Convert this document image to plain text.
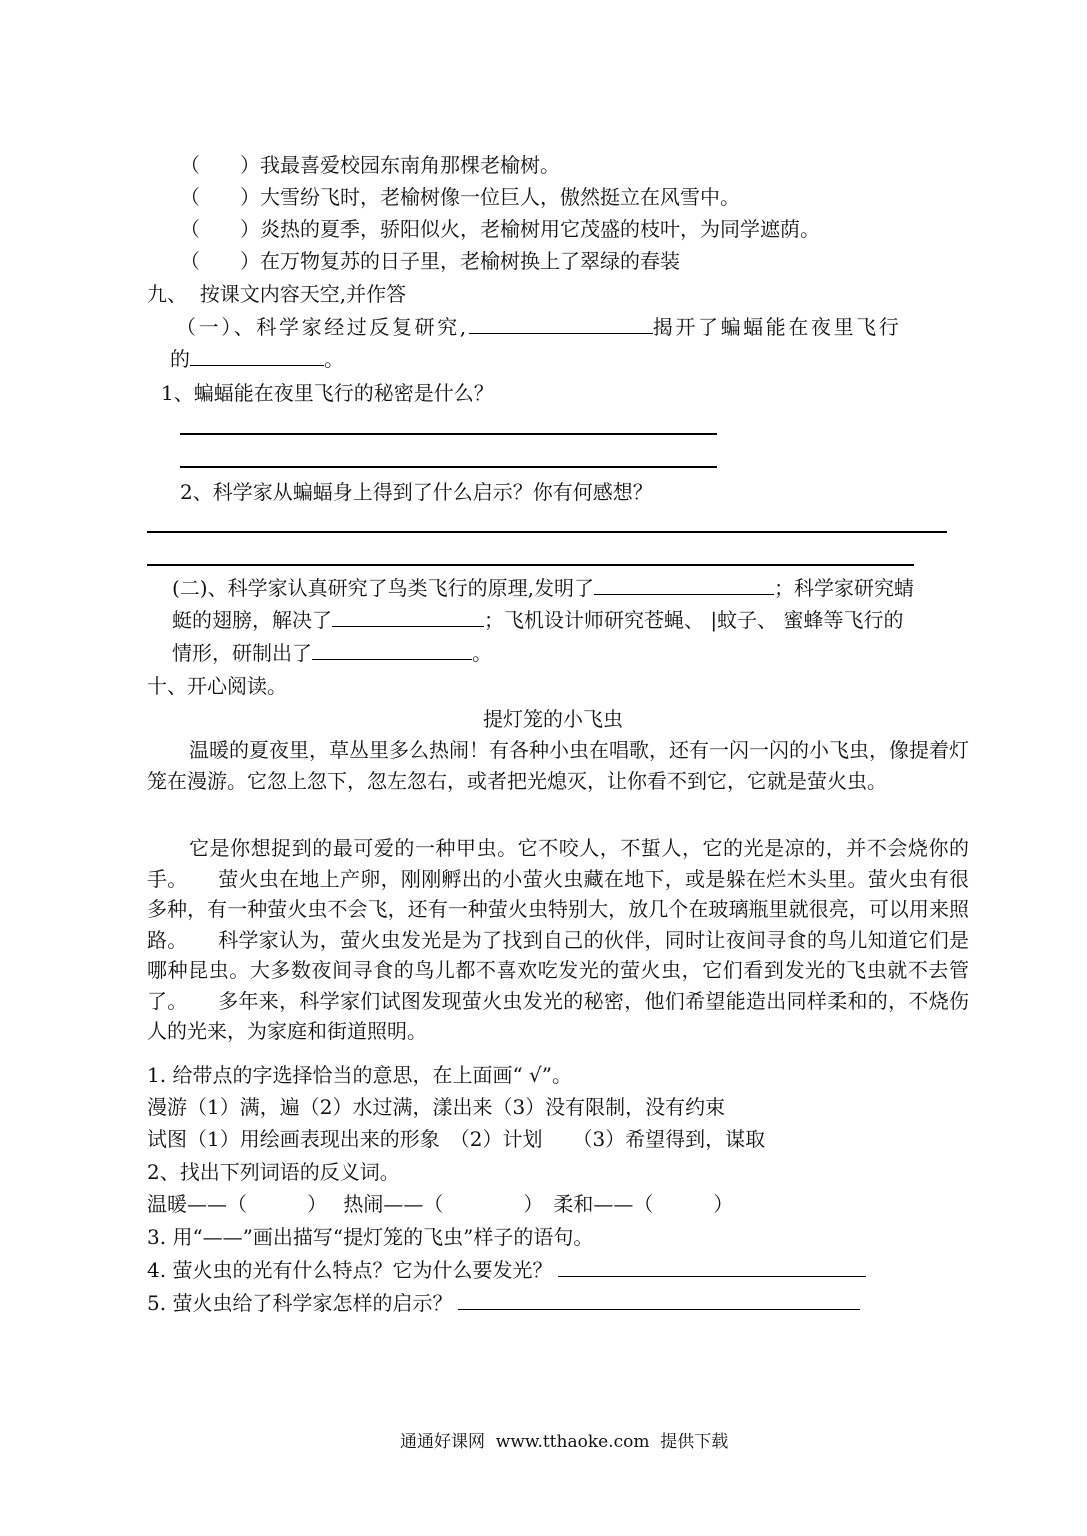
（　　）我最喜爱校园东南角那棵老榆树。
（　　）大雪纷飞时，老榆树像一位巨人，傲然挺立在风雪中。
（　　）炎热的夏季，骄阳似火，老榆树用它茂盛的枝叶，为同学遮荫。
（　　）在万物复苏的日子里，老榆树换上了翠绿的春装
九、  按课文内容天空,并作答
（一）、科学家经过反复研究,	揭开了蝙蝠能在夜里飞行
的	。
1、蝙蝠能在夜里飞行的秘密是什么？
2、科学家从蝙蝠身上得到了什么启示？你有何感想？
(二)、科学家认真研究了鸟类飞行的原理,发明了	；科学家研究蜻
蜓的翅膀，解决了	；飞机设计师研究苍蝇、 |蚊子、 蜜蜂等飞行的
情形，研制出了	。
十、开心阅读。
提灯笼的小飞虫
温暖的夏夜里，草丛里多么热闹！有各种小虫在唱歌，还有一闪一闪的小飞虫，像提着灯笼在漫游。它忽上忽下，忽左忽右，或者把光熄灭，让你看不到它，它就是萤火虫。
它是你想捉到的最可爱的一种甲虫。它不咬人，不蜇人，它的光是凉的，并不会烧你的手。　　萤火虫在地上产卵，刚刚孵出的小萤火虫藏在地下，或是躲在烂木头里。萤火虫有很多种，有一种萤火虫不会飞，还有一种萤火虫特别大，放几个在玻璃瓶里就很亮，可以用来照路。　　科学家认为，萤火虫发光是为了找到自己的伙伴，同时让夜间寻食的鸟儿知道它们是哪种昆虫。大多数夜间寻食的鸟儿都不喜欢吃发光的萤火虫，它们看到发光的飞虫就不去管了。　　多年来，科学家们试图发现萤火虫发光的秘密，他们希望能造出同样柔和的，不烧伤人的光来，为家庭和街道照明。
1. 给带点的字选择恰当的意思，在上面画“ √”。
漫游（1）满，遍（2）水过满，漾出来（3）没有限制，没有约束
试图（1）用绘画表现出来的形象　（2）计划　　（3）希望得到，谋取
2、找出下列词语的反义词。
温暖——（　　　）　 热闹——（　　　　）　柔和——（　　　）
3. 用“——”画出描写“提灯笼的飞虫”样子的语句。
4. 萤火虫的光有什么特点？它为什么要发光？
5. 萤火虫给了科学家怎样的启示？
通通好课网  www.tthaoke.com  提供下载
